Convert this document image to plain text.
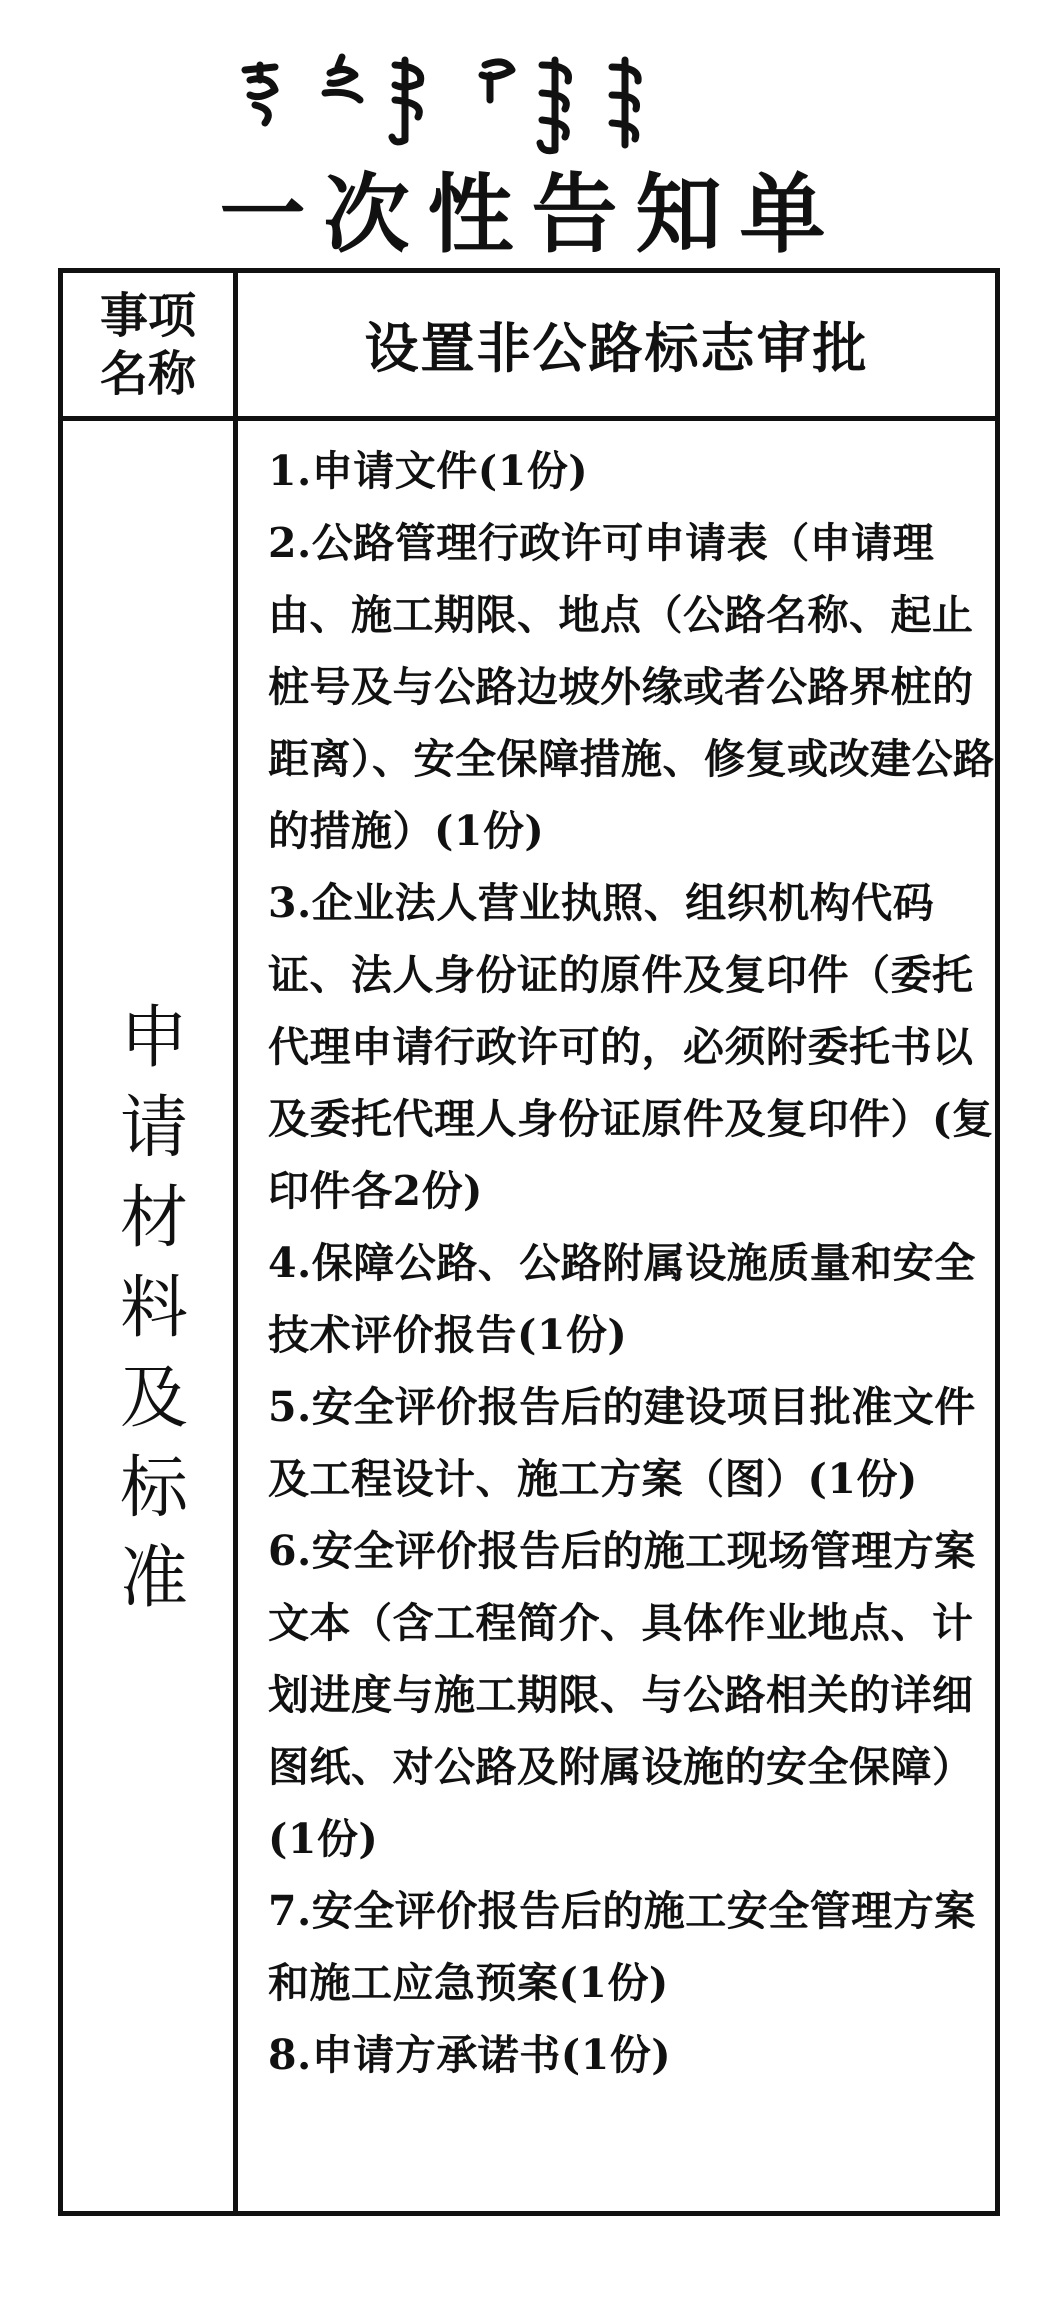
一次性告知单
事项
名称	设置非公路标志审批
申请材料及标准
1.申请文件(1份)
2.公路管理行政许可申请表（申请理由、施工期限、地点（公路名称、起止桩号及与公路边坡外缘或者公路界桩的距离）、安全保障措施、修复或改建公路的措施）(1份)
3.企业法人营业执照、组织机构代码证、法人身份证的原件及复印件（委托代理申请行政许可的，必须附委托书以及委托代理人身份证原件及复印件）(复印件各2份)
4.保障公路、公路附属设施质量和安全技术评价报告(1份)
5.安全评价报告后的建设项目批准文件及工程设计、施工方案（图）(1份)
6.安全评价报告后的施工现场管理方案文本（含工程简介、具体作业地点、计划进度与施工期限、与公路相关的详细图纸、对公路及附属设施的安全保障）(1份)
7.安全评价报告后的施工安全管理方案和施工应急预案(1份)
8.申请方承诺书(1份)
